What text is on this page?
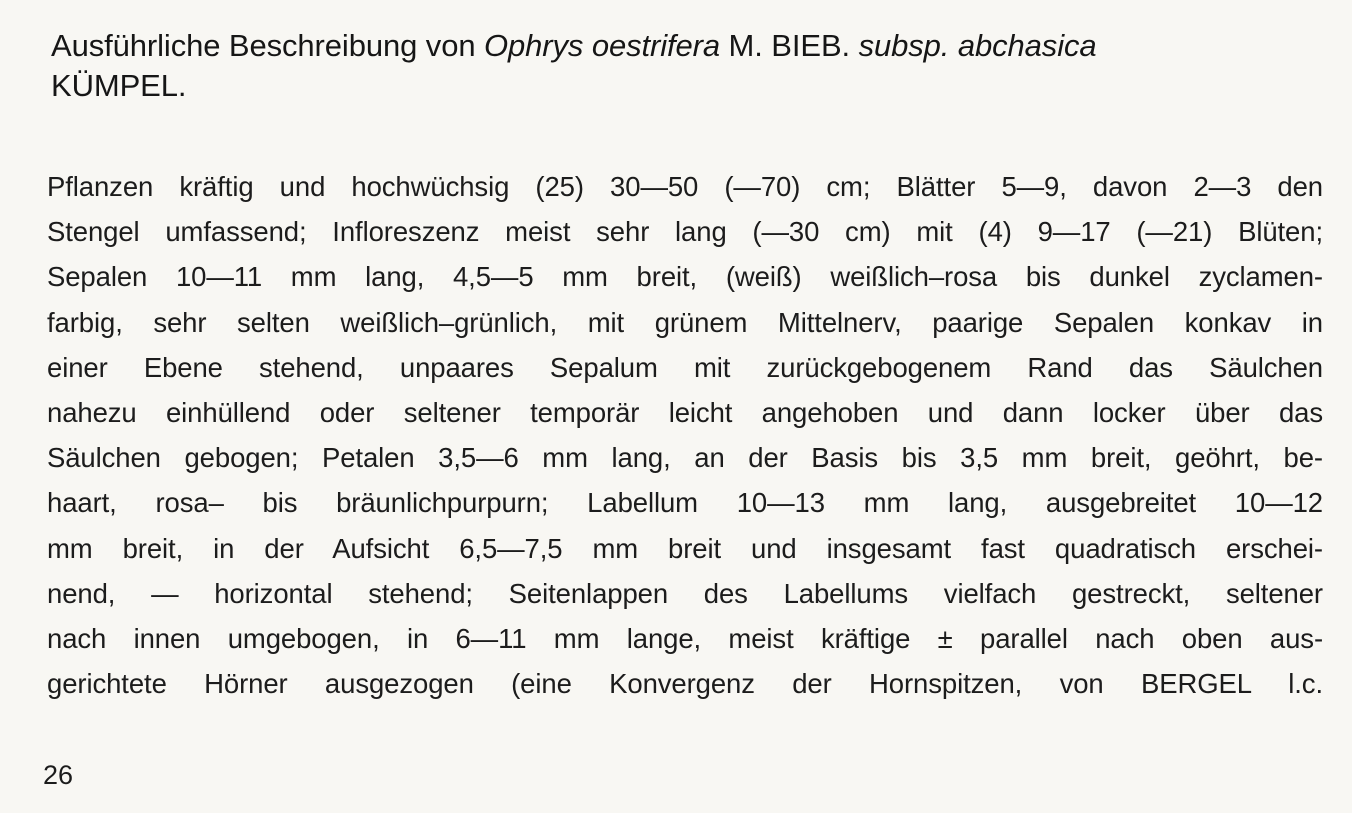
Ausführliche Beschreibung von Ophrys oestrifera M. BIEB. subsp. abchasica
KÜMPEL.
Pflanzen kräftig und hochwüchsig (25) 30—50 (—70) cm; Blätter 5—9, davon 2—3 den
Stengel umfassend; Infloreszenz meist sehr lang (—30 cm) mit (4) 9—17 (—21) Blüten;
Sepalen 10—11 mm lang, 4,5—5 mm breit, (weiß) weißlich–rosa bis dunkel zyclamen-
farbig, sehr selten weißlich–grünlich, mit grünem Mittelnerv, paarige Sepalen konkav in
einer Ebene stehend, unpaares Sepalum mit zurückgebogenem Rand das Säulchen
nahezu einhüllend oder seltener temporär leicht angehoben und dann locker über das
Säulchen gebogen; Petalen 3,5—6 mm lang, an der Basis bis 3,5 mm breit, geöhrt, be-
haart, rosa– bis bräunlichpurpurn; Labellum 10—13 mm lang, ausgebreitet 10—12
mm breit, in der Aufsicht 6,5—7,5 mm breit und insgesamt fast quadratisch erschei-
nend, — horizontal stehend; Seitenlappen des Labellums vielfach gestreckt, seltener
nach innen umgebogen, in 6—11 mm lange, meist kräftige ± parallel nach oben aus-
gerichtete Hörner ausgezogen (eine Konvergenz der Hornspitzen, von BERGEL l.c.
26
